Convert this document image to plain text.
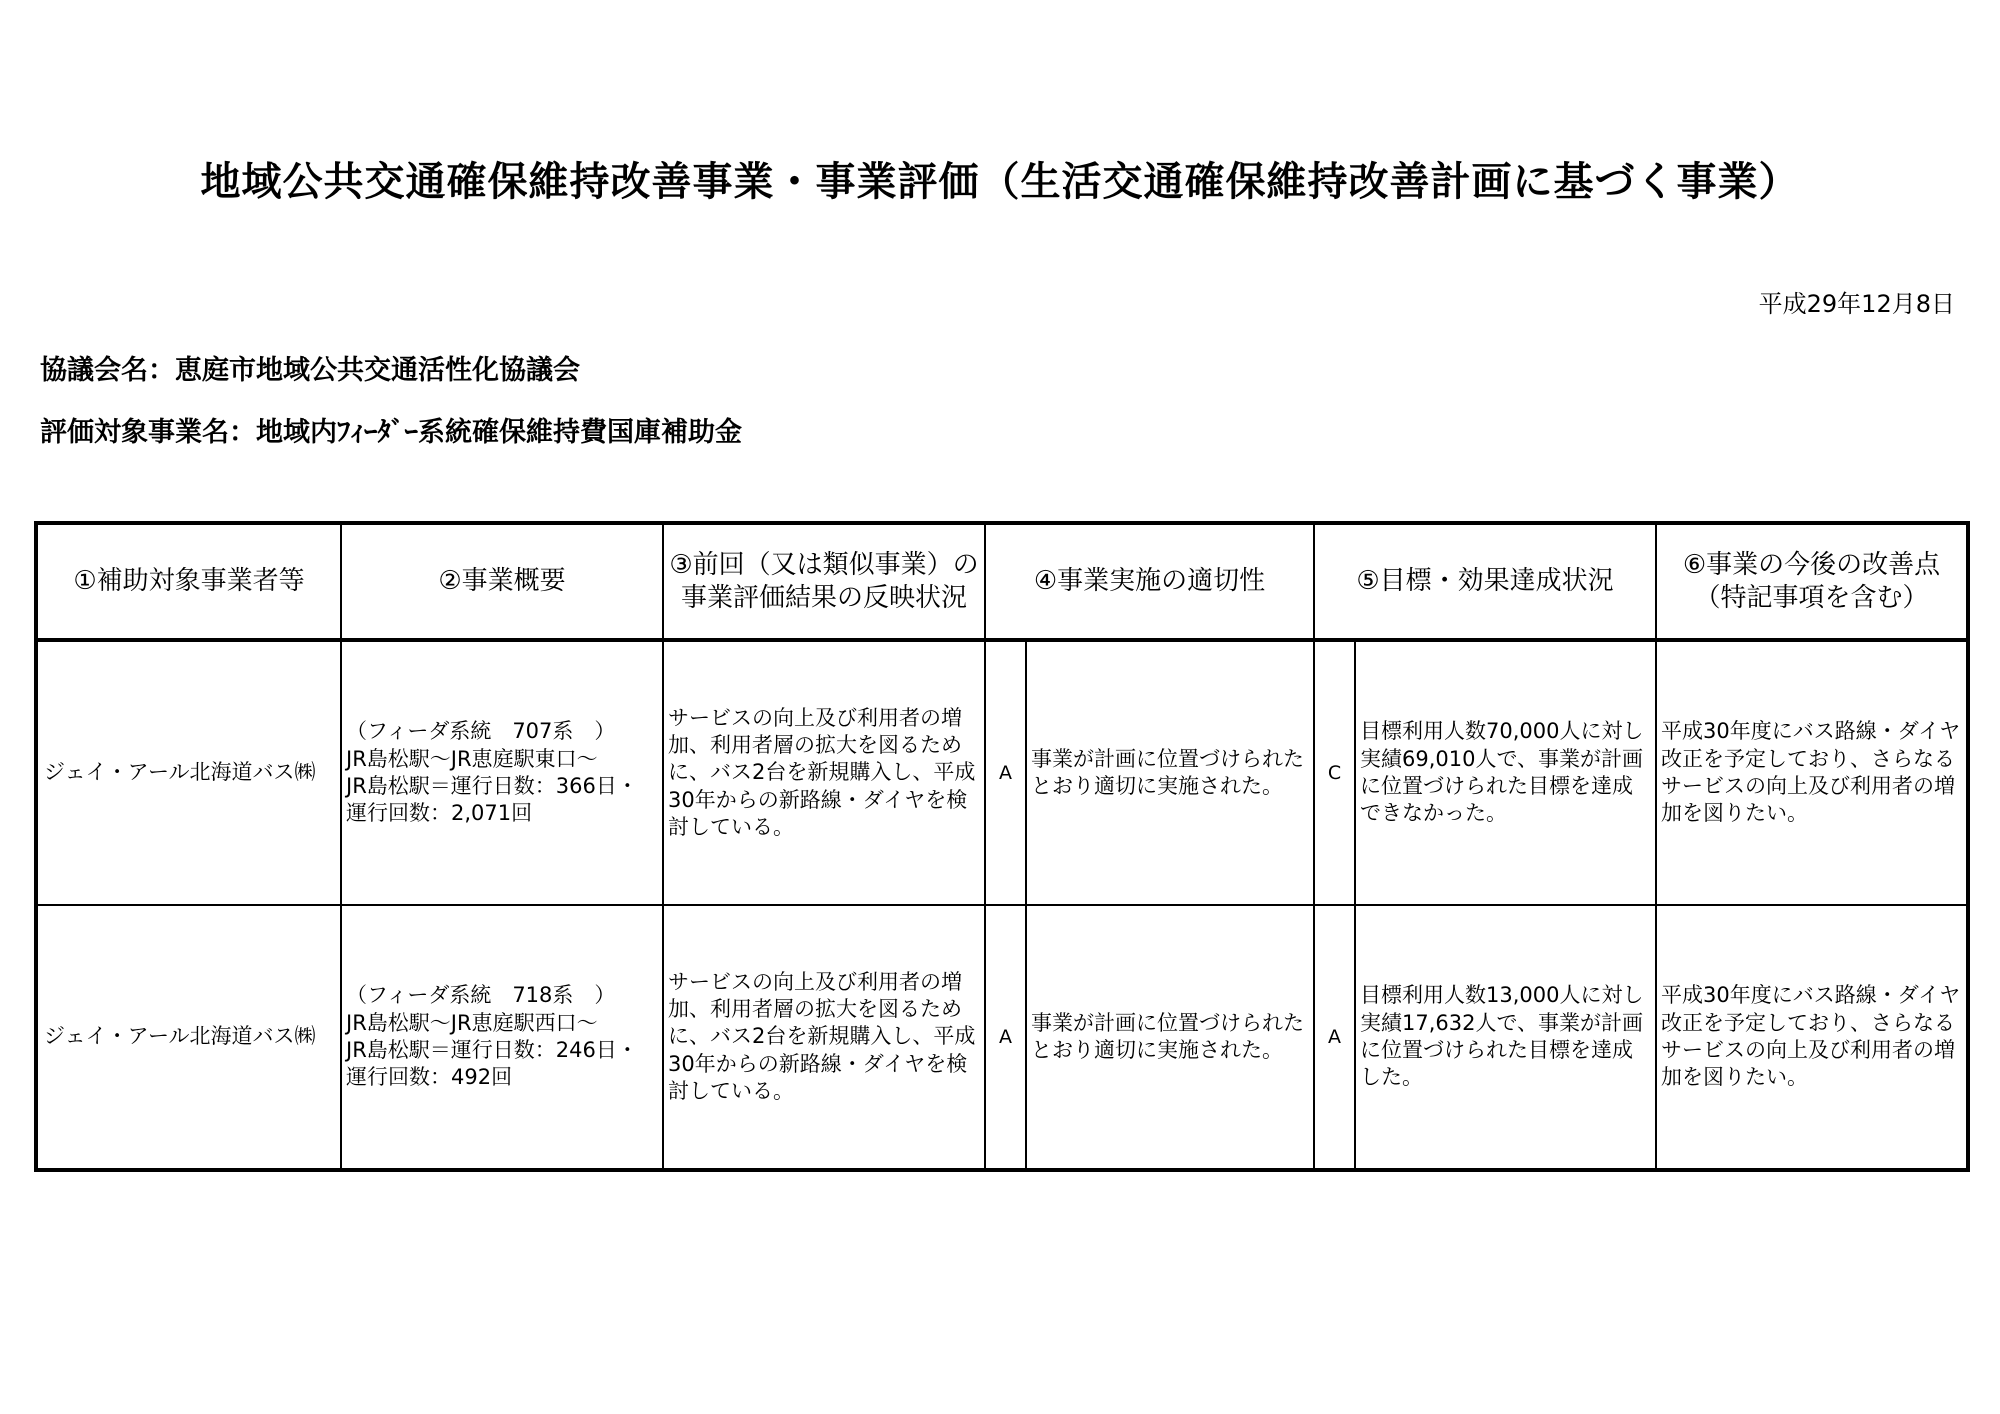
地域公共交通確保維持改善事業・事業評価（生活交通確保維持改善計画に基づく事業）
平成29年12月8日
協議会名：恵庭市地域公共交通活性化協議会
評価対象事業名：地域内ﾌｨｰﾀﾞｰ系統確保維持費国庫補助金
①補助対象事業者等	②事業概要	③前回（又は類似事業）の
事業評価結果の反映状況	④事業実施の適切性		⑤目標・効果達成状況		⑥事業の今後の改善点
（特記事項を含む）

ジェイ・アール北海道バス㈱	（フィーダ系統　707系　）
JR島松駅～JR恵庭駅東口～
JR島松駅＝運行日数：366日・
運行回数：2,071回	サービスの向上及び利用者の増加、利用者層の拡大を図るために、バス2台を新規購入し、平成30年からの新路線・ダイヤを検討している。	A	事業が計画に位置づけられたとおり適切に実施された。	C	目標利用人数70,000人に対し実績69,010人で、事業が計画に位置づけられた目標を達成できなかった。	平成30年度にバス路線・ダイヤ改正を予定しており、さらなるサービスの向上及び利用者の増加を図りたい。
ジェイ・アール北海道バス㈱	（フィーダ系統　718系　）
JR島松駅～JR恵庭駅西口～
JR島松駅＝運行日数：246日・
運行回数：492回	サービスの向上及び利用者の増加、利用者層の拡大を図るために、バス2台を新規購入し、平成30年からの新路線・ダイヤを検討している。	A	事業が計画に位置づけられたとおり適切に実施された。	A	目標利用人数13,000人に対し実績17,632人で、事業が計画に位置づけられた目標を達成した。	平成30年度にバス路線・ダイヤ改正を予定しており、さらなるサービスの向上及び利用者の増加を図りたい。
